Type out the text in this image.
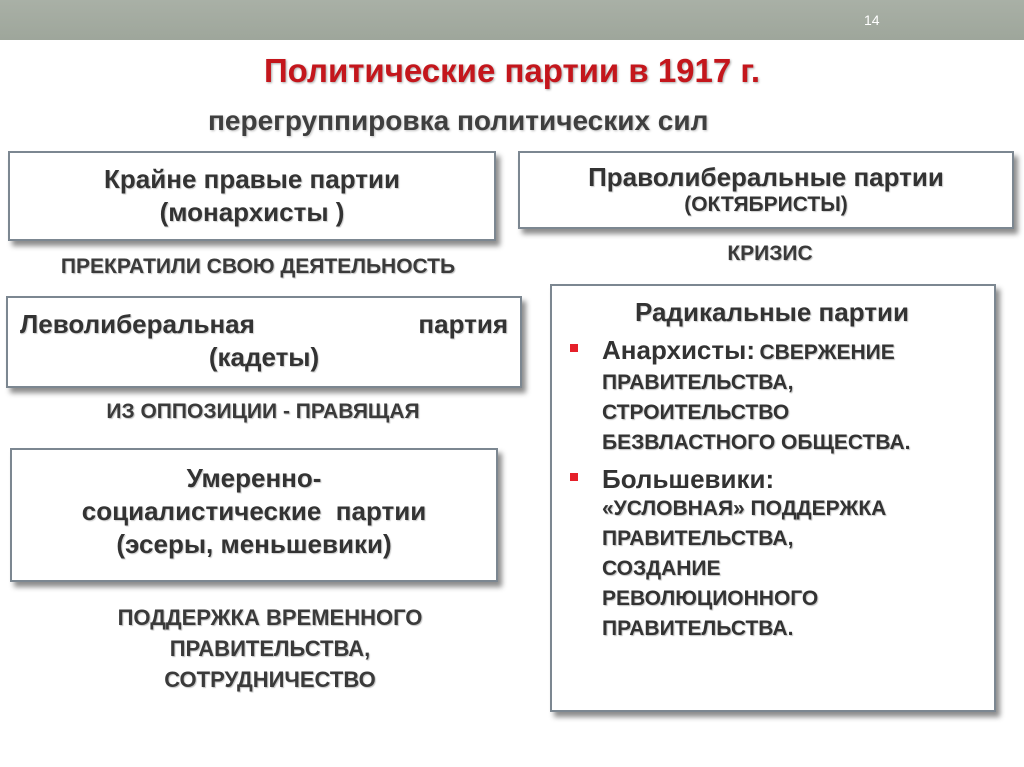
14
Политические партии в 1917 г.
перегруппировка политических сил
Крайне правые партии
(монархисты )
ПРЕКРАТИЛИ СВОЮ ДЕЯТЕЛЬНОСТЬ
Праволиберальные партии
(ОКТЯБРИСТЫ)
КРИЗИС
Леволиберальная	партия
(кадеты)
ИЗ ОППОЗИЦИИ - ПРАВЯЩАЯ
Умеренно-
социалистические  партии
(эсеры, меньшевики)
ПОДДЕРЖКА ВРЕМЕННОГО
ПРАВИТЕЛЬСТВА,
СОТРУДНИЧЕСТВО
Радикальные партии
Анархисты: СВЕРЖЕНИЕ
ПРАВИТЕЛЬСТВА,
СТРОИТЕЛЬСТВО
БЕЗВЛАСТНОГО ОБЩЕСТВА.
Большевики:
«УСЛОВНАЯ» ПОДДЕРЖКА
ПРАВИТЕЛЬСТВА,
СОЗДАНИЕ
РЕВОЛЮЦИОННОГО
ПРАВИТЕЛЬСТВА.
